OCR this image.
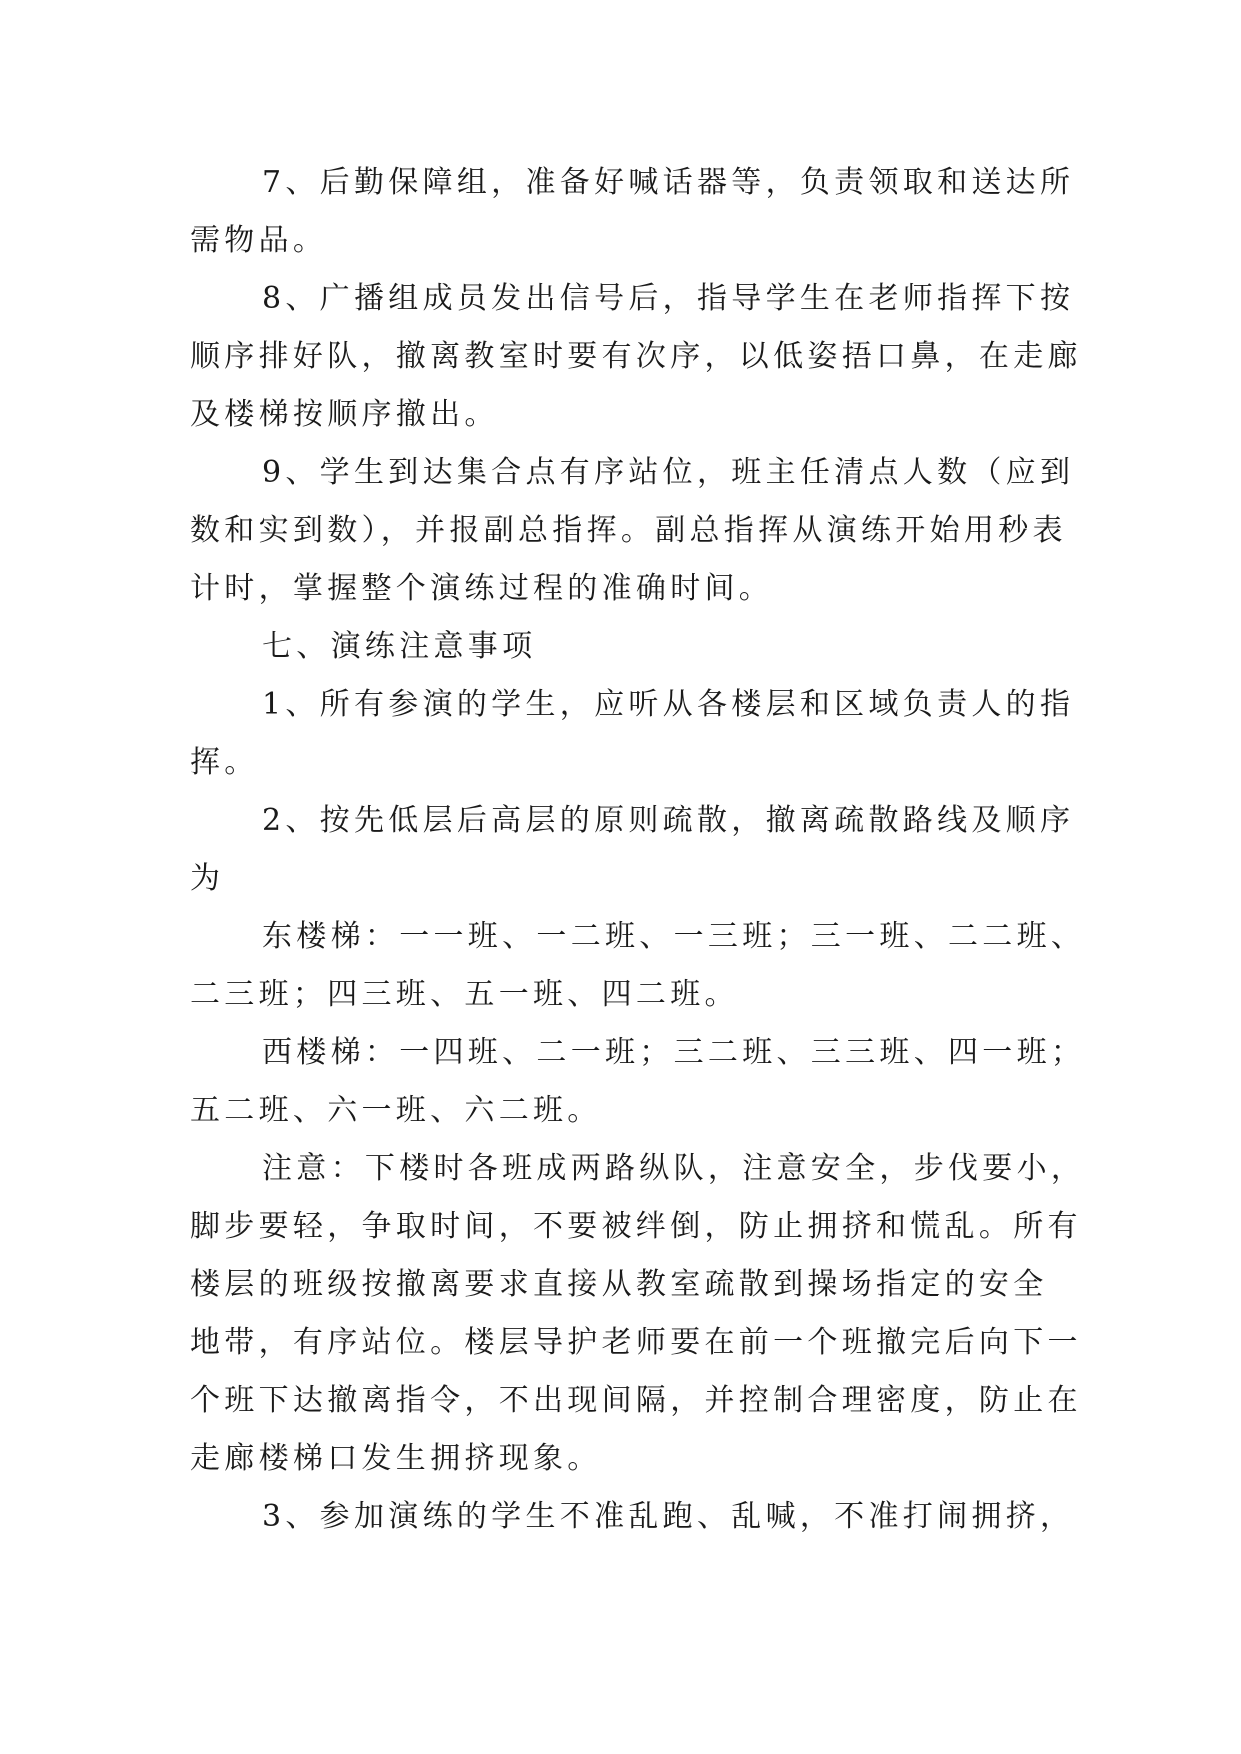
7、后勤保障组，准备好喊话器等，负责领取和送达所
需物品。
8、广播组成员发出信号后，指导学生在老师指挥下按
顺序排好队，撤离教室时要有次序，以低姿捂口鼻，在走廊
及楼梯按顺序撤出。
9、学生到达集合点有序站位，班主任清点人数（应到
数和实到数），并报副总指挥。副总指挥从演练开始用秒表
计时，掌握整个演练过程的准确时间。
七、演练注意事项
1、所有参演的学生，应听从各楼层和区域负责人的指
挥。
2、按先低层后高层的原则疏散，撤离疏散路线及顺序
为
东楼梯：一一班、一二班、一三班；三一班、二二班、
二三班；四三班、五一班、四二班。
西楼梯：一四班、二一班；三二班、三三班、四一班；
五二班、六一班、六二班。
注意：下楼时各班成两路纵队，注意安全，步伐要小，
脚步要轻，争取时间，不要被绊倒，防止拥挤和慌乱。所有
楼层的班级按撤离要求直接从教室疏散到操场指定的安全
地带，有序站位。楼层导护老师要在前一个班撤完后向下一
个班下达撤离指令，不出现间隔，并控制合理密度，防止在
走廊楼梯口发生拥挤现象。
3、参加演练的学生不准乱跑、乱喊，不准打闹拥挤，
